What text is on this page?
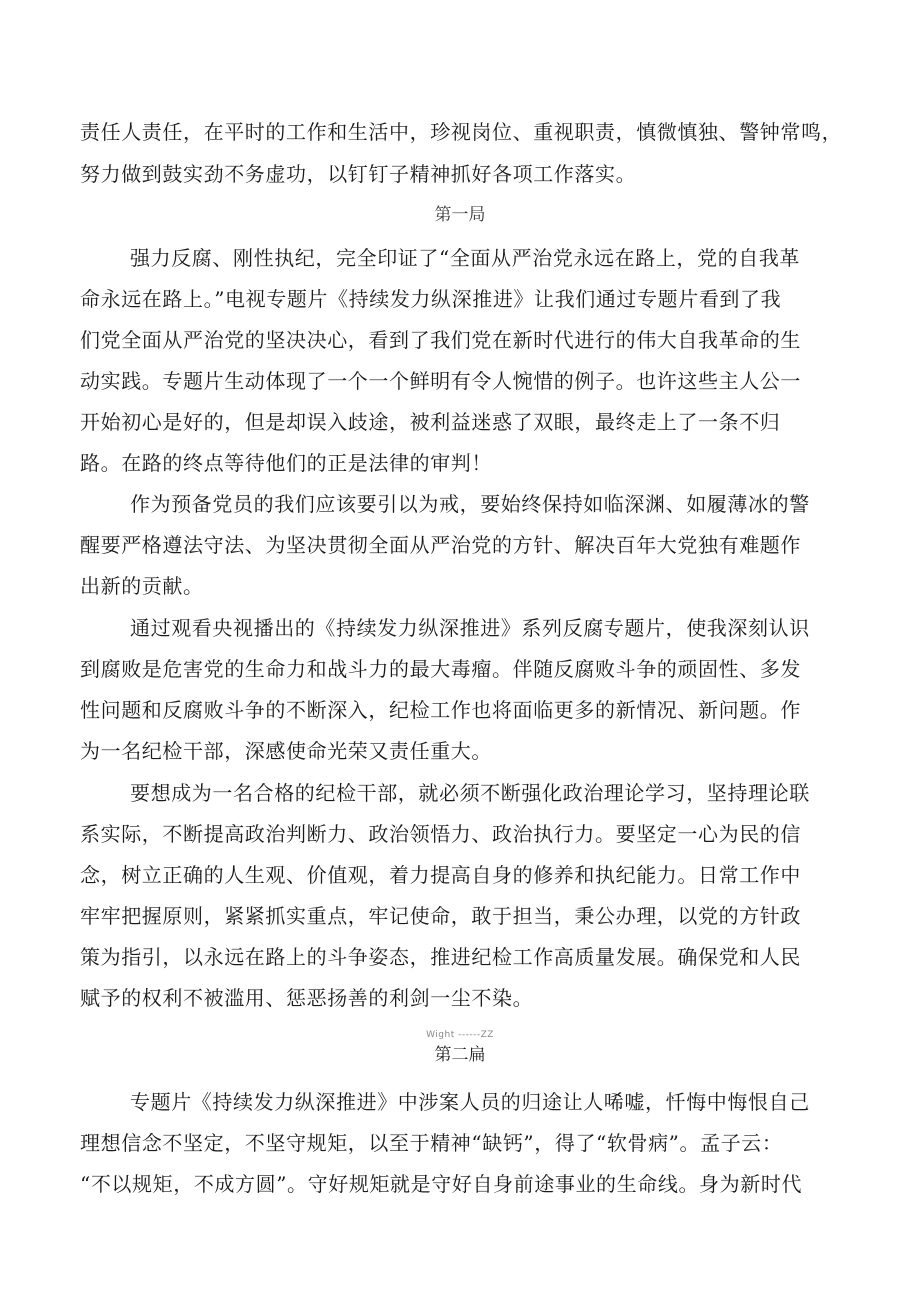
责任人责任，在平时的工作和生活中，珍视岗位、重视职责，慎微慎独、警钟常鸣，
努力做到鼓实劲不务虚功，以钉钉子精神抓好各项工作落实。
第一局
强力反腐、刚性执纪，完全印证了“全面从严治党永远在路上，党的自我革
命永远在路上。”电视专题片《持续发力纵深推进》让我们通过专题片看到了我
们党全面从严治党的坚决决心，看到了我们党在新时代进行的伟大自我革命的生
动实践。专题片生动体现了一个一个鲜明有令人惋惜的例子。也许这些主人公一
开始初心是好的，但是却误入歧途，被利益迷惑了双眼，最终走上了一条不归
路。在路的终点等待他们的正是法律的审判！
作为预备党员的我们应该要引以为戒，要始终保持如临深渊、如履薄冰的警
醒要严格遵法守法、为坚决贯彻全面从严治党的方针、解决百年大党独有难题作
出新的贡献。
通过观看央视播出的《持续发力纵深推进》系列反腐专题片，使我深刻认识
到腐败是危害党的生命力和战斗力的最大毒瘤。伴随反腐败斗争的顽固性、多发
性问题和反腐败斗争的不断深入，纪检工作也将面临更多的新情况、新问题。作
为一名纪检干部，深感使命光荣又责任重大。
要想成为一名合格的纪检干部，就必须不断强化政治理论学习，坚持理论联
系实际，不断提高政治判断力、政治领悟力、政治执行力。要坚定一心为民的信
念，树立正确的人生观、价值观，着力提高自身的修养和执纪能力。日常工作中
牢牢把握原则，紧紧抓实重点，牢记使命，敢于担当，秉公办理，以党的方针政
策为指引，以永远在路上的斗争姿态，推进纪检工作高质量发展。确保党和人民
赋予的权利不被滥用、惩恶扬善的利剑一尘不染。
Wight ------ZZ
第二扁
专题片《持续发力纵深推进》中涉案人员的归途让人唏嘘，忏悔中悔恨自己
理想信念不坚定，不坚守规矩，以至于精神“缺钙”，得了“软骨病”。孟子云：
“不以规矩，不成方圆”。守好规矩就是守好自身前途事业的生命线。身为新时代
